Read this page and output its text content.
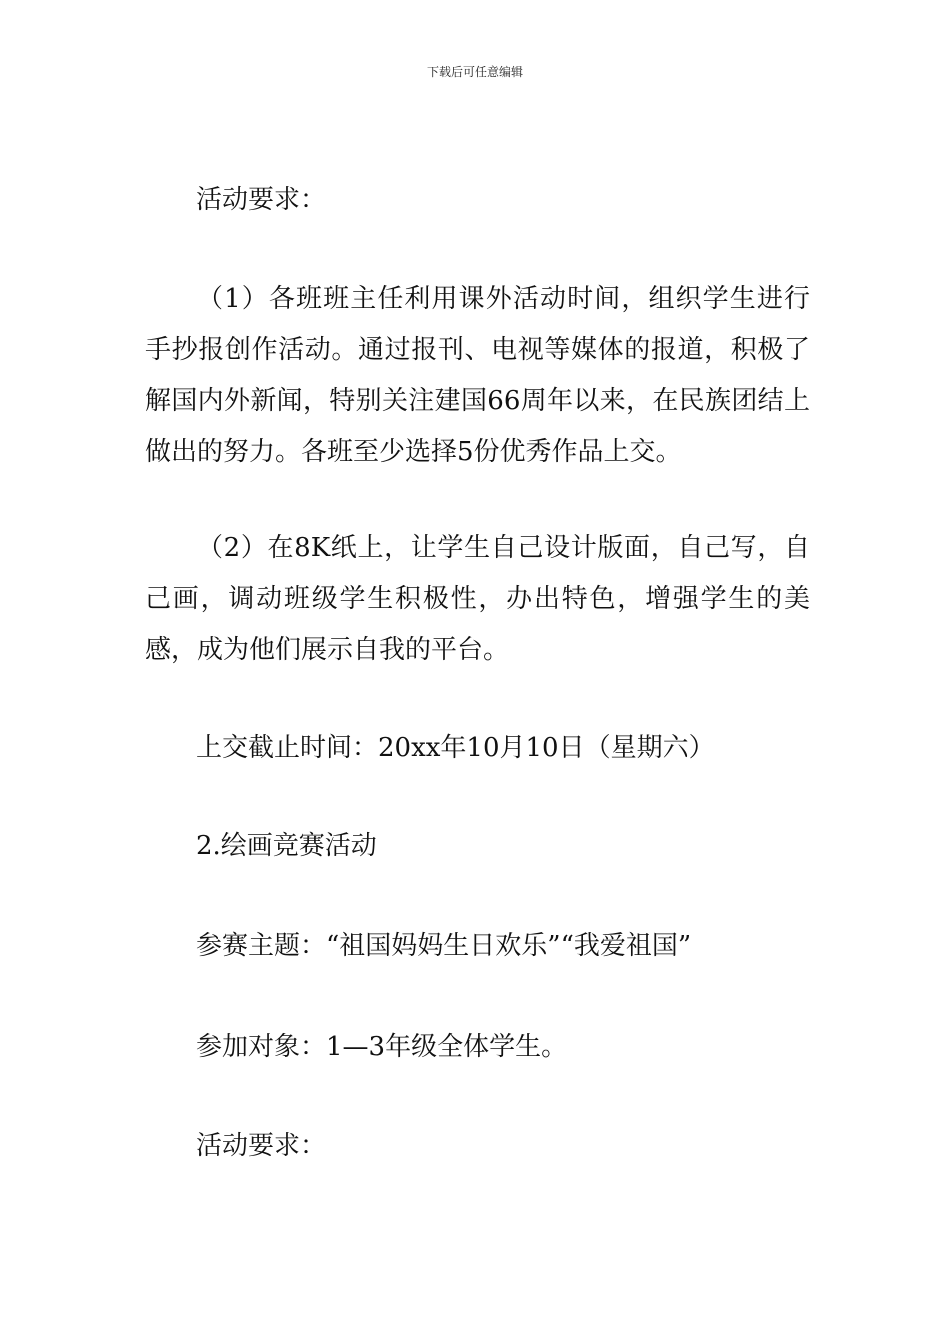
下载后可任意编辑
活动要求：
（1）各班班主任利用课外活动时间，组织学生进行手抄报创作活动。通过报刊、电视等媒体的报道，积极了解国内外新闻，特别关注建国66周年以来，在民族团结上做出的努力。各班至少选择5份优秀作品上交。
（2）在8K纸上，让学生自己设计版面，自己写，自己画，调动班级学生积极性，办出特色，增强学生的美感，成为他们展示自我的平台。
上交截止时间：20xx年10月10日（星期六）
2.绘画竞赛活动
参赛主题：“祖国妈妈生日欢乐”“我爱祖国”
参加对象：1—3年级全体学生。
活动要求：
